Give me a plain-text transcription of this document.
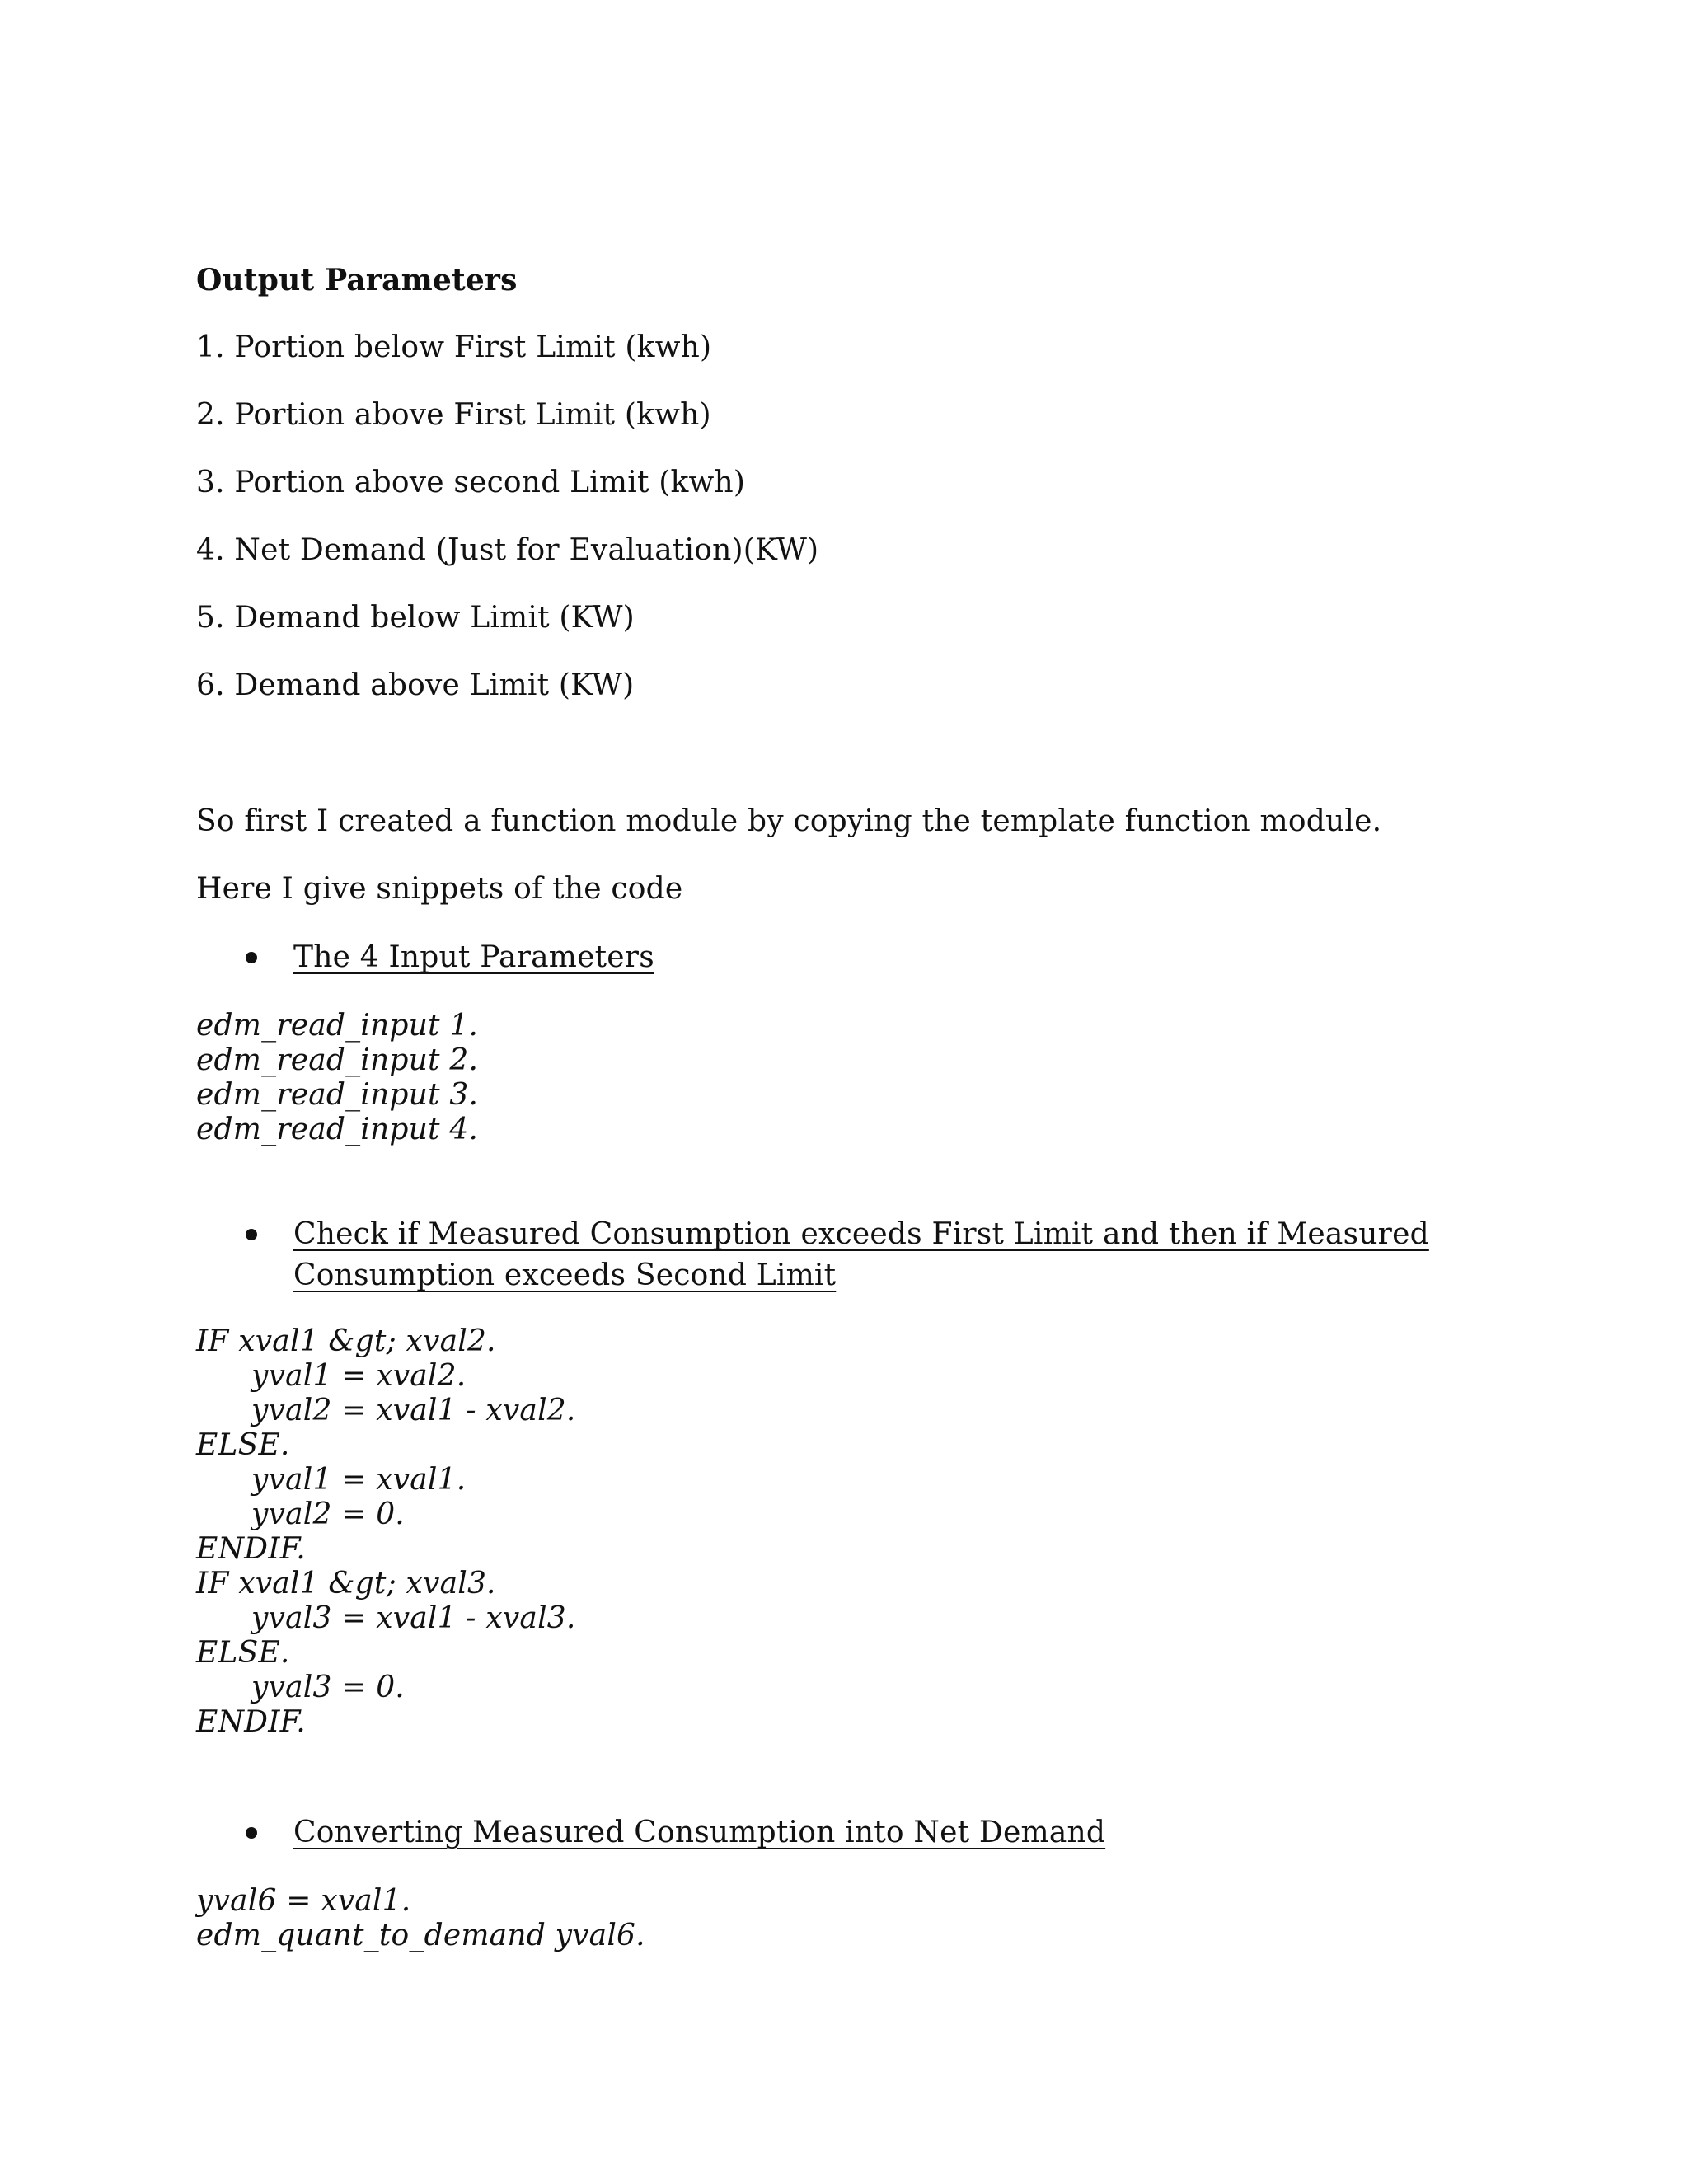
Output Parameters
1. Portion below First Limit (kwh)
2. Portion above First Limit (kwh)
3. Portion above second Limit (kwh)
4. Net Demand (Just for Evaluation)(KW)
5. Demand below Limit (KW)
6. Demand above Limit (KW)
So first I created a function module by copying the template function module.
Here I give snippets of the code
The 4 Input Parameters
edm_read_input 1.
edm_read_input 2.
edm_read_input 3.
edm_read_input 4.
Check if Measured Consumption exceeds First Limit and then if Measured
Consumption exceeds Second Limit
IF xval1 &gt; xval2.
yval1 = xval2.
yval2 = xval1 - xval2.
ELSE.
yval1 = xval1.
yval2 = 0.
ENDIF.
IF xval1 &gt; xval3.
yval3 = xval1 - xval3.
ELSE.
yval3 = 0.
ENDIF.
Converting Measured Consumption into Net Demand
yval6 = xval1.
edm_quant_to_demand yval6.
